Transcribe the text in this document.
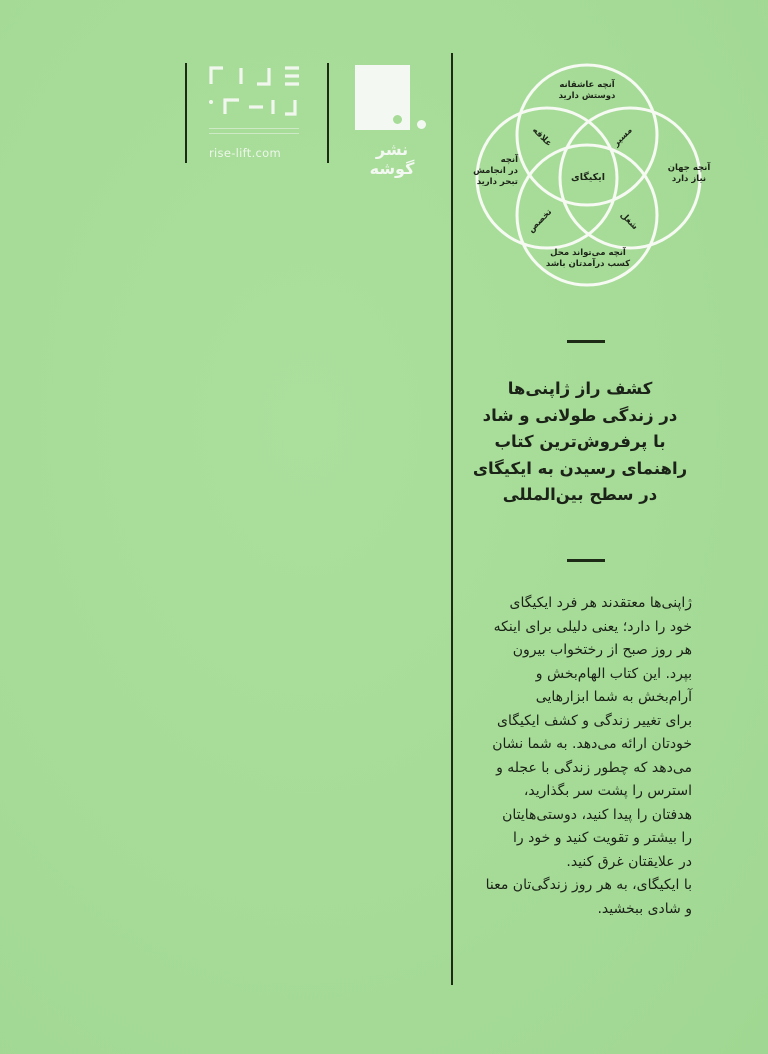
rise-lift.com	نشر گوشه
آنچه عاشقانه
دوستش دارید
آنچه جهان
نیاز دارد
آنچه می‌تواند محل
کسب درآمدتان باشد
آنچه
در انجامش
تبحر دارید
علاقه	مسیر
تخصص	شغل
ایکیگای
کشف راز ژاپنی‌ها
در زندگی طولانی و شاد
با پرفروش‌ترین کتاب
راهنمای رسیدن به ایکیگای
در سطح بین‌المللی
ژاپنی‌ها معتقدند هر فرد ایکیگای
خود را دارد؛ یعنی دلیلی برای اینکه
هر روز صبح از رختخواب بیرون
بپرد. این کتاب الهام‌بخش و
آرام‌بخش به شما ابزارهایی
برای تغییر زندگی و کشف ایکیگای
خودتان ارائه می‌دهد. به شما نشان
می‌دهد که چطور زندگی با عجله و
استرس را پشت سر بگذارید،
هدفتان را پیدا کنید، دوستی‌هایتان
را بیشتر و تقویت کنید و خود را
در علایقتان غرق کنید.
با ایکیگای، به هر روز زندگی‌تان معنا
و شادی ببخشید.
